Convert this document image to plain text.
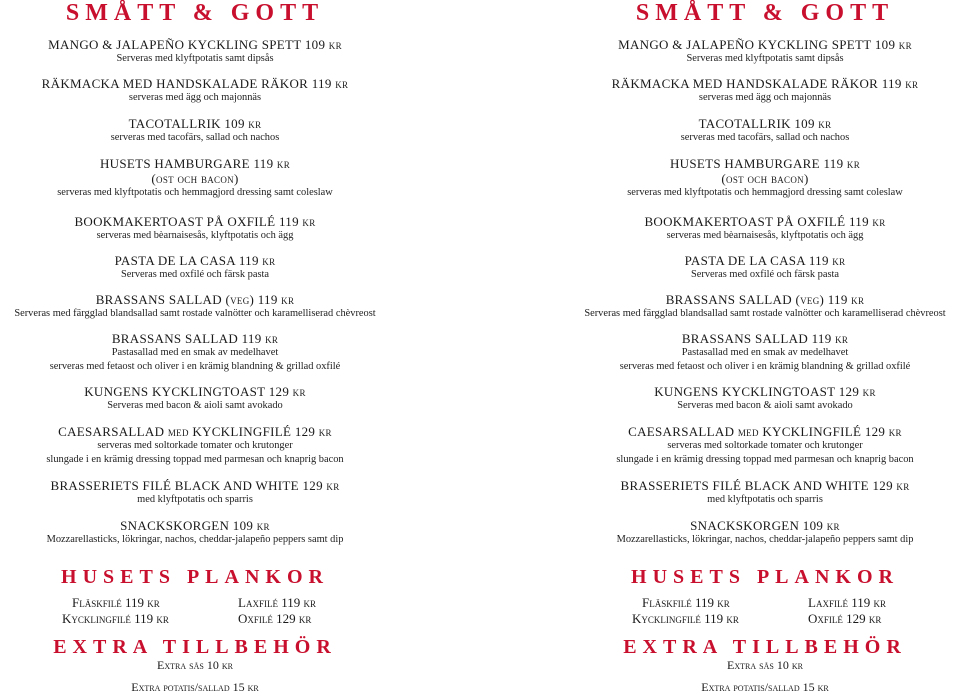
SMÅTT & GOTT
MANGO & JALAPEÑO KYCKLING SPETT 109 kr
Serveras med klyftpotatis samt dipsås
RÄKMACKA MED HANDSKALADE RÄKOR 119 kr
serveras med ägg och majonnäs
TACOTALLRIK 109 kr
serveras med tacofärs, sallad och nachos
HUSETS HAMBURGARE 119 kr
(ost och bacon)
serveras med klyftpotatis och hemmagjord dressing samt coleslaw
BOOKMAKERTOAST PÅ OXFILÉ 119 kr
serveras med bèarnaisesås, klyftpotatis och ägg
PASTA DE LA CASA 119 kr
Serveras med oxfilé och färsk pasta
BRASSANS SALLAD (veg) 119 kr
Serveras med färgglad blandsallad samt rostade valnötter och karamelliserad chèvreost
BRASSANS SALLAD 119 kr
Pastasallad med en smak av medelhavet
serveras med fetaost och oliver i en krämig blandning & grillad oxfilé
KUNGENS KYCKLINGTOAST 129 kr
Serveras med bacon & aioli samt avokado
CAESARSALLAD med KYCKLINGFILÉ 129 kr
serveras med soltorkade tomater och krutonger
slungade i en krämig dressing toppad med parmesan och knaprig bacon
BRASSERIETS FILÉ BLACK AND WHITE 129 kr
med klyftpotatis och sparris
SNACKSKORGEN 109 kr
Mozzarellasticks, lökringar, nachos, cheddar-jalapeño peppers samt dip
HUSETS PLANKOR
Fläskfilé 119 kr	Laxfilé 119 kr
Kycklingfilé 119 kr	Oxfilé 129 kr
EXTRA TILLBEHÖR
Extra sås 10 kr
Extra potatis/sallad 15 kr
SMÅTT & GOTT
MANGO & JALAPEÑO KYCKLING SPETT 109 kr
Serveras med klyftpotatis samt dipsås
RÄKMACKA MED HANDSKALADE RÄKOR 119 kr
serveras med ägg och majonnäs
TACOTALLRIK 109 kr
serveras med tacofärs, sallad och nachos
HUSETS HAMBURGARE 119 kr
(ost och bacon)
serveras med klyftpotatis och hemmagjord dressing samt coleslaw
BOOKMAKERTOAST PÅ OXFILÉ 119 kr
serveras med bèarnaisesås, klyftpotatis och ägg
PASTA DE LA CASA 119 kr
Serveras med oxfilé och färsk pasta
BRASSANS SALLAD (veg) 119 kr
Serveras med färgglad blandsallad samt rostade valnötter och karamelliserad chèvreost
BRASSANS SALLAD 119 kr
Pastasallad med en smak av medelhavet
serveras med fetaost och oliver i en krämig blandning & grillad oxfilé
KUNGENS KYCKLINGTOAST 129 kr
Serveras med bacon & aioli samt avokado
CAESARSALLAD med KYCKLINGFILÉ 129 kr
serveras med soltorkade tomater och krutonger
slungade i en krämig dressing toppad med parmesan och knaprig bacon
BRASSERIETS FILÉ BLACK AND WHITE 129 kr
med klyftpotatis och sparris
SNACKSKORGEN 109 kr
Mozzarellasticks, lökringar, nachos, cheddar-jalapeño peppers samt dip
HUSETS PLANKOR
Fläskfilé 119 kr	Laxfilé 119 kr
Kycklingfilé 119 kr	Oxfilé 129 kr
EXTRA TILLBEHÖR
Extra sås 10 kr
Extra potatis/sallad 15 kr
